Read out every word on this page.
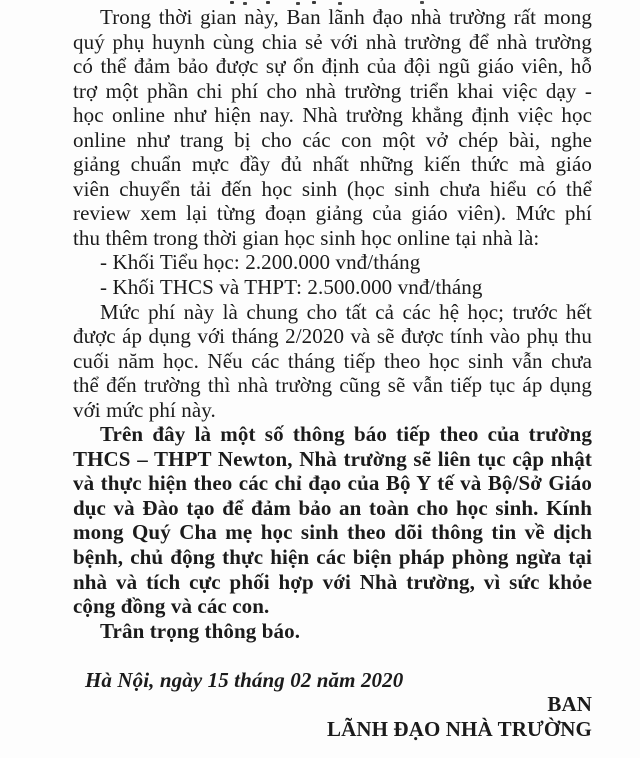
Trong thời gian này, Ban lãnh đạo nhà trường rất mong
quý phụ huynh cùng chia sẻ với nhà trường để nhà trường
có thể đảm bảo được sự ổn định của đội ngũ giáo viên, hỗ
trợ một phần chi phí cho nhà trường triển khai việc dạy -
học online như hiện nay. Nhà trường khẳng định việc học
online như trang bị cho các con một vở chép bài, nghe
giảng chuẩn mực đầy đủ nhất những kiến thức mà giáo
viên chuyển tải đến học sinh (học sinh chưa hiểu có thể
review xem lại từng đoạn giảng của giáo viên). Mức phí
thu thêm trong thời gian học sinh học online tại nhà là:
- Khối Tiểu học: 2.200.000 vnđ/tháng
- Khối THCS và THPT: 2.500.000 vnđ/tháng
Mức phí này là chung cho tất cả các hệ học; trước hết
được áp dụng với tháng 2/2020 và sẽ được tính vào phụ thu
cuối năm học. Nếu các tháng tiếp theo học sinh vẫn chưa
thể đến trường thì nhà trường cũng sẽ vẫn tiếp tục áp dụng
với mức phí này.
Trên đây là một số thông báo tiếp theo của trường
THCS – THPT Newton, Nhà trường sẽ liên tục cập nhật
và thực hiện theo các chỉ đạo của Bộ Y tế và Bộ/Sở Giáo
dục và Đào tạo để đảm bảo an toàn cho học sinh. Kính
mong Quý Cha mẹ học sinh theo dõi thông tin về dịch
bệnh, chủ động thực hiện các biện pháp phòng ngừa tại
nhà và tích cực phối hợp với Nhà trường, vì sức khỏe
cộng đồng và các con.
Trân trọng thông báo.
Hà Nội, ngày 15 tháng 02 năm 2020
BAN
LÃNH ĐẠO NHÀ TRƯỜNG
